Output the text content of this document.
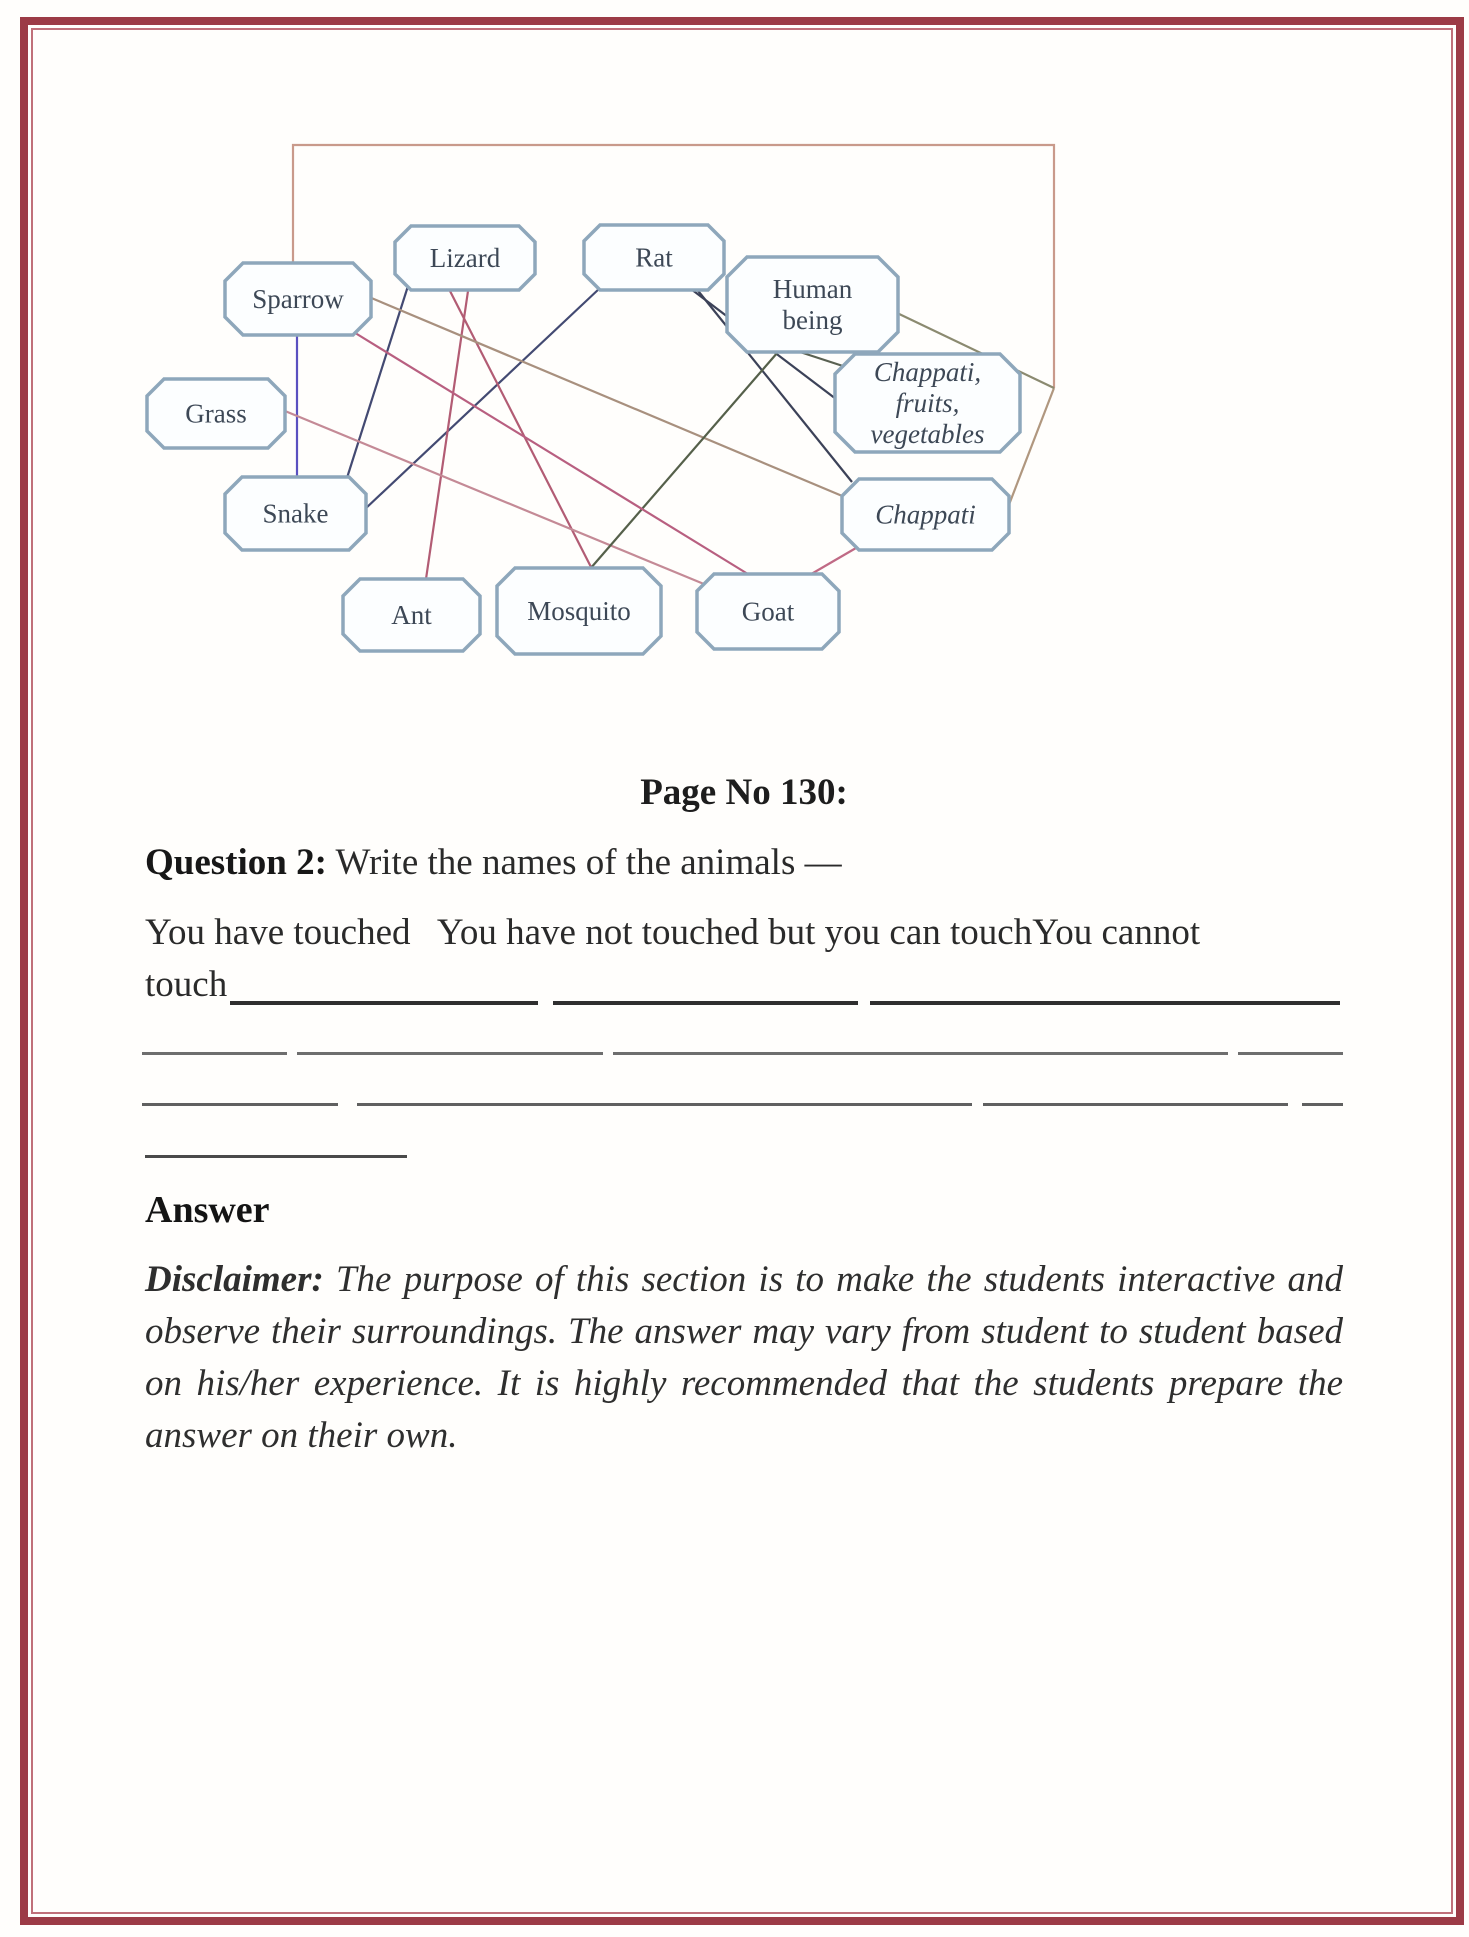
Sparrow
Lizard	Rat
Human being
Grass
Chappati, fruits, vegetables
Snake	Chappati
Ant	Mosquito	Goat
Page No 130:
Question 2: Write the names of the animals —
You have touched   You have not touched but you can touchYou cannot
touch
Answer
Disclaimer: The purpose of this section is to make the students interactive and observe their surroundings. The answer may vary from student to student based on his/her experience. It is highly recommended that the students prepare the answer on their own.
